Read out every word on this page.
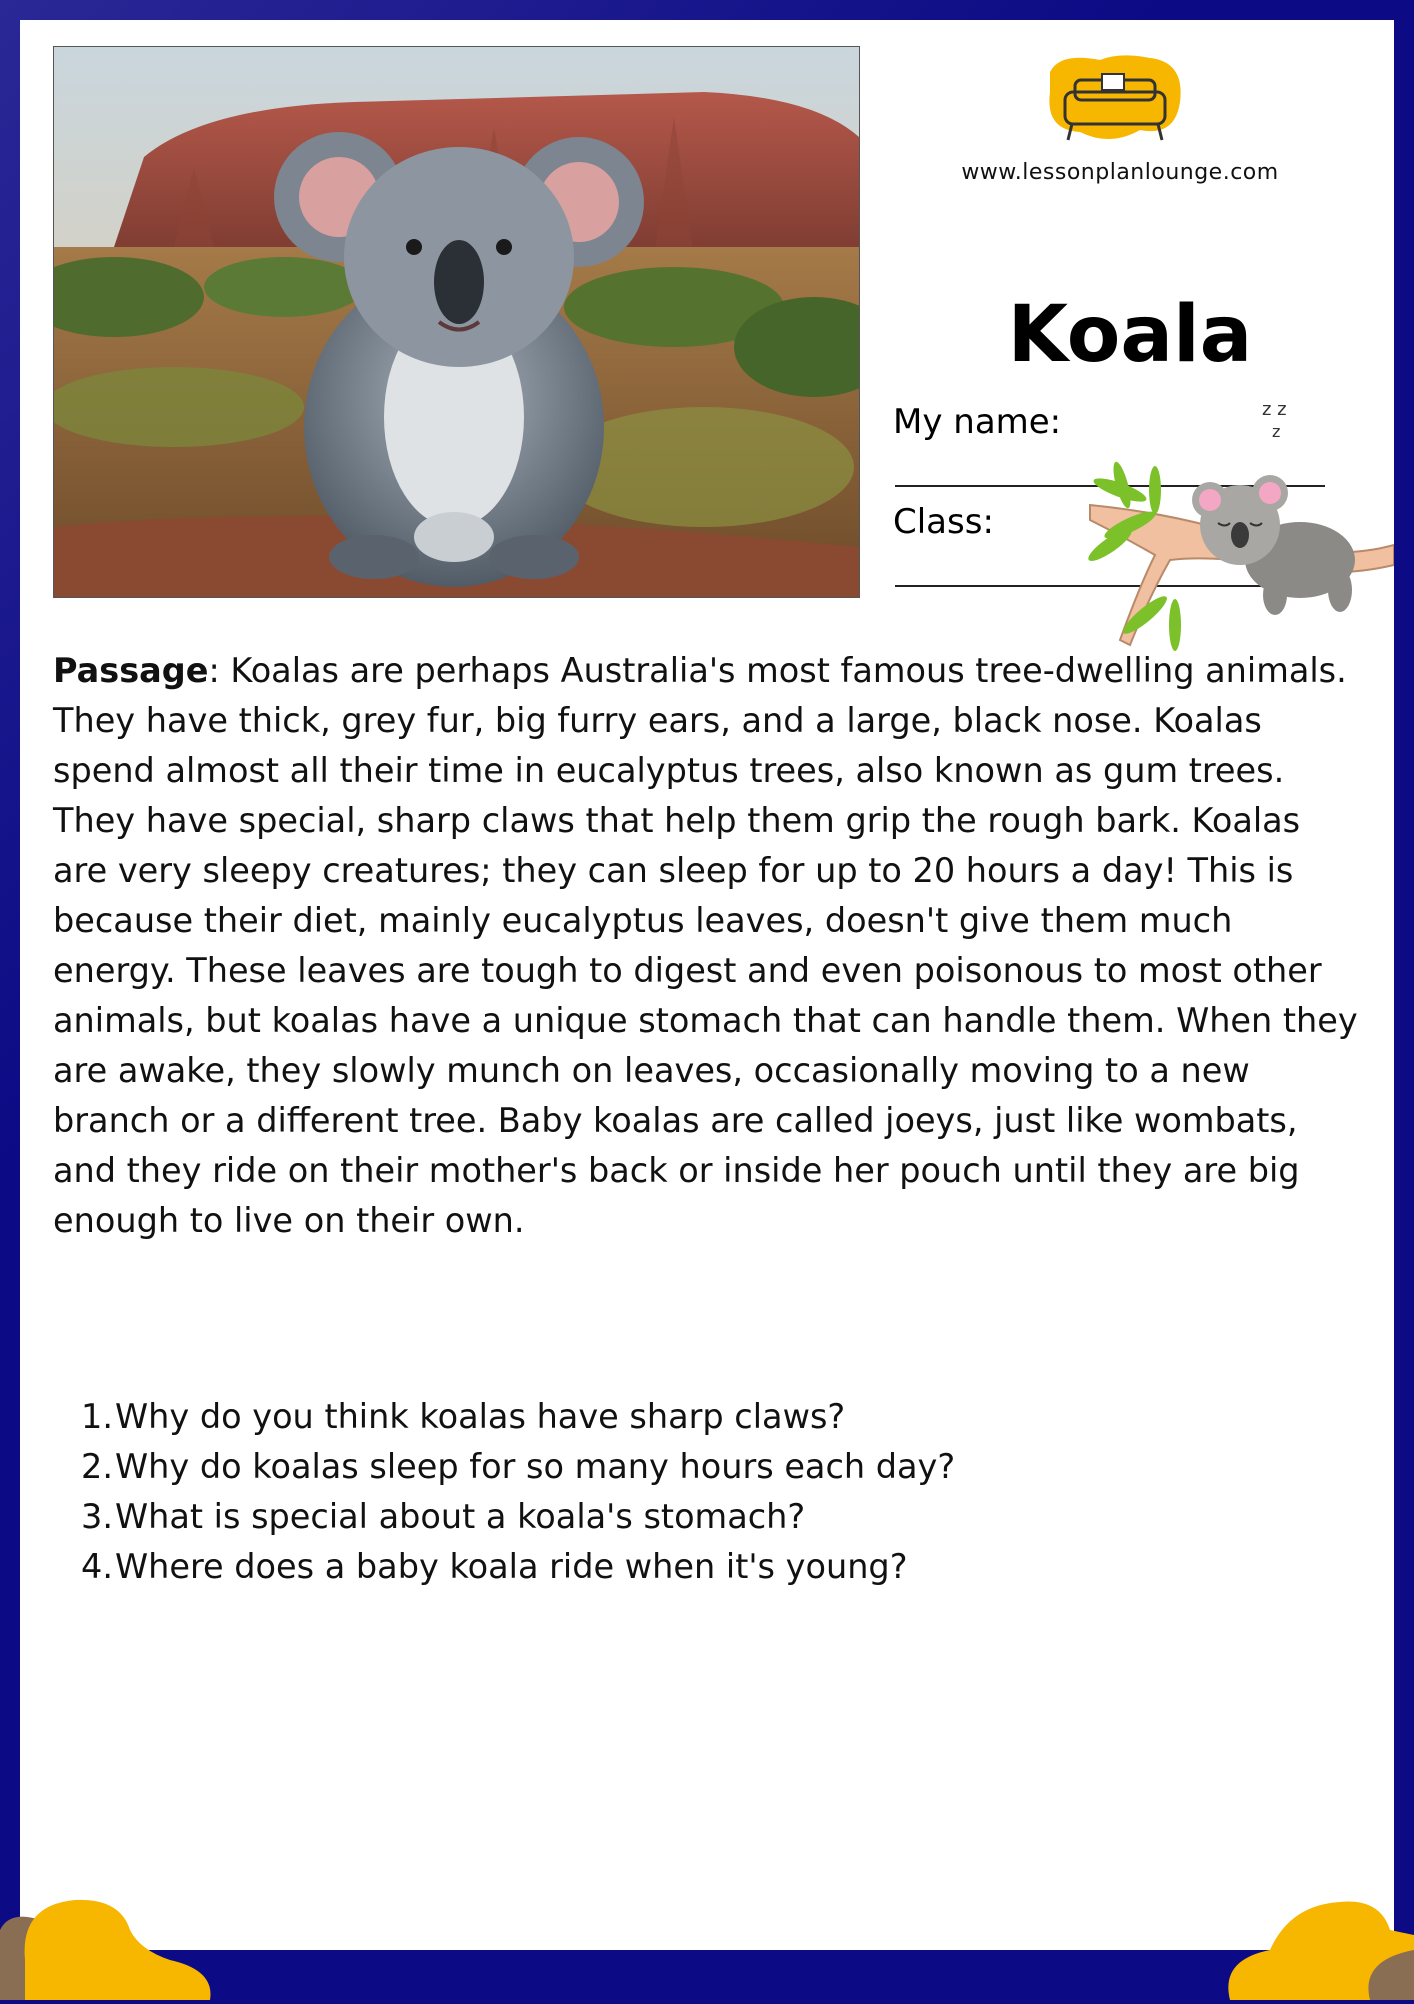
www.lessonplanlounge.com
Koala
My name:
Class:
z z
z
Passage: Koalas are perhaps Australia's most famous tree-dwelling animals. They have thick, grey fur, big furry ears, and a large, black nose. Koalas spend almost all their time in eucalyptus trees, also known as gum trees. They have special, sharp claws that help them grip the rough bark. Koalas are very sleepy creatures; they can sleep for up to 20 hours a day! This is because their diet, mainly eucalyptus leaves, doesn't give them much energy. These leaves are tough to digest and even poisonous to most other animals, but koalas have a unique stomach that can handle them. When they are awake, they slowly munch on leaves, occasionally moving to a new branch or a different tree. Baby koalas are called joeys, just like wombats, and they ride on their mother's back or inside her pouch until they are big enough to live on their own.
1. Why do you think koalas have sharp claws?
2. Why do koalas sleep for so many hours each day?
3. What is special about a koala's stomach?
4. Where does a baby koala ride when it's young?
